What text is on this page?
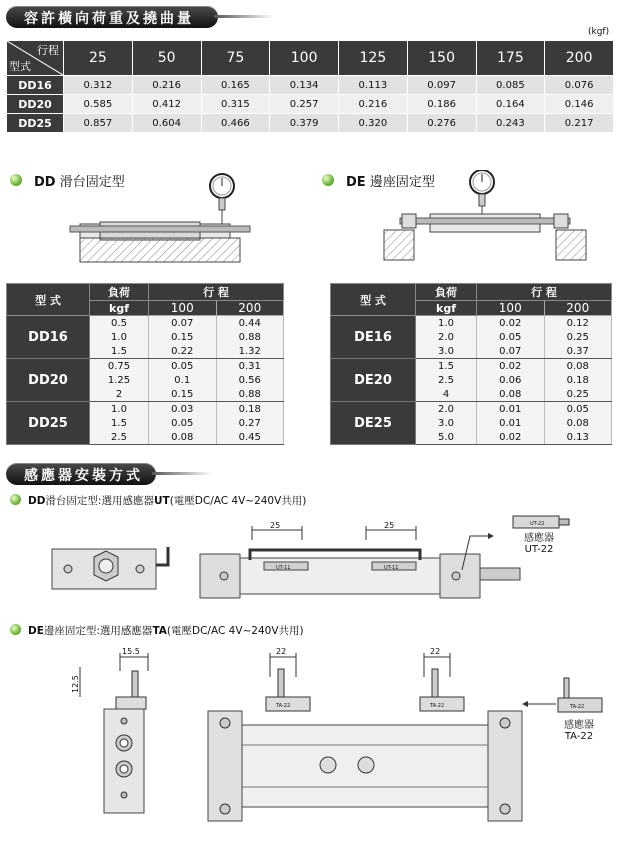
容許橫向荷重及撓曲量
(kgf)
行程
型式	25	50	75	100	125	150	175	200
DD16	0.312	0.216	0.165	0.134	0.113	0.097	0.085	0.076
DD20	0.585	0.412	0.315	0.257	0.216	0.186	0.164	0.146
DD25	0.857	0.604	0.466	0.379	0.320	0.276	0.243	0.217
DD 滑台固定型	DE 邊座固定型
型 式	負荷	行 程	
	kgf	100	200
DD16	0.5	0.07	0.44
	1.0	0.15	0.88
	1.5	0.22	1.32
DD20	0.75	0.05	0.31
	1.25	0.1	0.56
	2	0.15	0.88
DD25	1.0	0.03	0.18
	1.5	0.05	0.27
	2.5	0.08	0.45
型 式	負荷	行 程	
	kgf	100	200
DE16	1.0	0.02	0.12
	2.0	0.05	0.25
	3.0	0.07	0.37
DE20	1.5	0.02	0.08
	2.5	0.06	0.18
	4	0.08	0.25
DE25	2.0	0.01	0.05
	3.0	0.01	0.08
	5.0	0.02	0.13
感應器安裝方式
DD滑台固定型:選用感應器UT(電壓DC/AC 4V~240V共用)
25	25
UT-11	UT-11
UT-22
感應器
UT-22
DE邊座固定型:選用感應器TA(電壓DC/AC 4V~240V共用)
15.5
12.5
22	22
TA-22	TA-22	TA-22
感應器
TA-22
